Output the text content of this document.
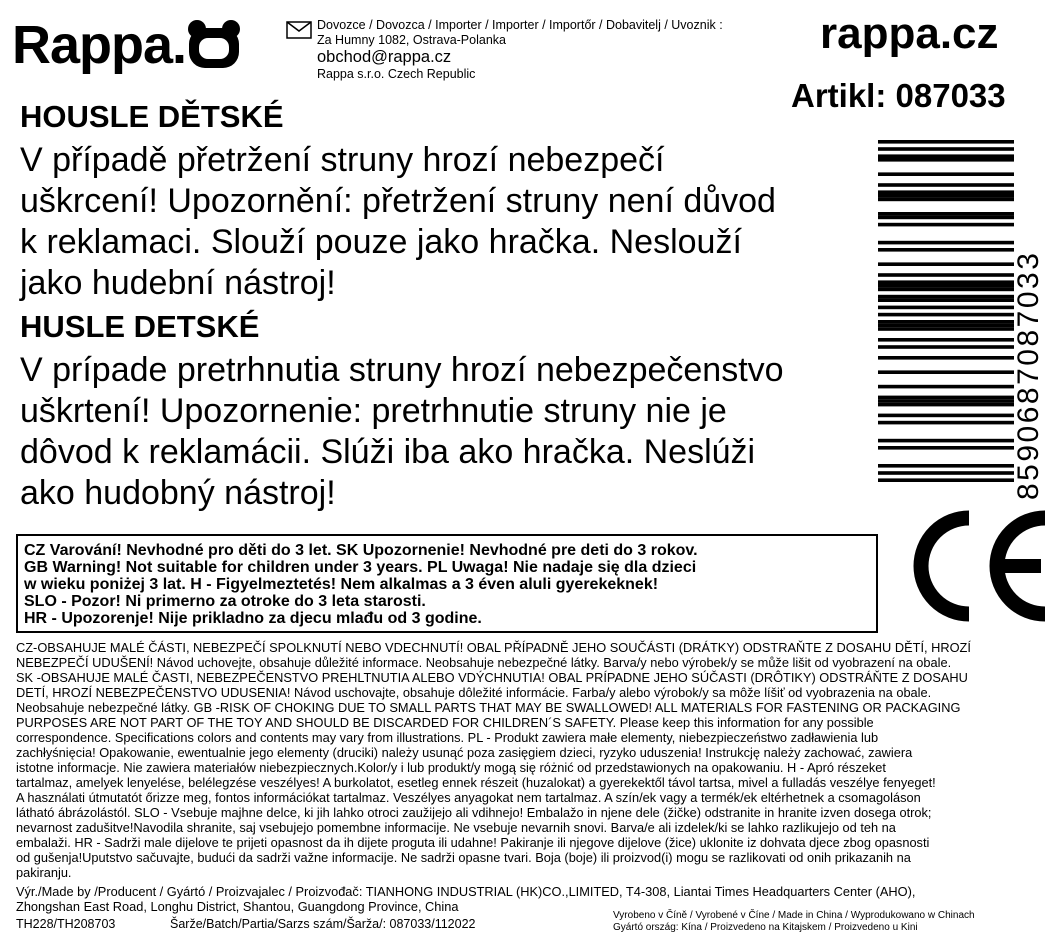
Rappa.	Dovozce / Dovozca / Importer / Importer / Importőr / Dobavitelj / Uvoznik :
Za Humny 1082, Ostrava-Polanka
obchod@rappa.cz
Rappa s.r.o. Czech Republic
rappa.cz
Artikl: 087033
HOUSLE DĚTSKÉ
V případě přetržení struny hrozí nebezpečí
uškrcení! Upozornění: přetržení struny není důvod
k reklamaci. Slouží pouze jako hračka. Neslouží
jako hudební nástroj!
HUSLE DETSKÉ
V prípade pretrhnutia struny hrozí nebezpečenstvo
uškrtení! Upozornenie: pretrhnutie struny nie je
dôvod k reklamácii. Slúži iba ako hračka. Neslúži
ako hudobný nástroj!	8590687087033
CZ Varování! Nevhodné pro děti do 3 let. SK Upozornenie! Nevhodné pre deti do 3 rokov.
GB Warning! Not suitable for children under 3 years. PL Uwaga! Nie nadaje się dla dzieci
w wieku poniżej 3 lat. H - Figyelmeztetés! Nem alkalmas a 3 éven aluli gyerekeknek!
SLO - Pozor! Ni primerno za otroke do 3 leta starosti.
HR - Upozorenje! Nije prikladno za djecu mlađu od 3 godine.
CZ-OBSAHUJE MALÉ ČÁSTI, NEBEZPEČÍ SPOLKNUTÍ NEBO VDECHNUTÍ! OBAL PŘÍPADNĚ JEHO SOUČÁSTI (DRÁTKY) ODSTRAŇTE Z DOSAHU DĚTÍ, HROZÍ
NEBEZPEČÍ UDUŠENÍ! Návod uchovejte, obsahuje důležité informace. Neobsahuje nebezpečné látky. Barva/y nebo výrobek/y se může lišit od vyobrazení na obale.
SK -OBSAHUJE MALÉ ČASTI, NEBEZPEČENSTVO PREHLTNUTIA ALEBO VDÝCHNUTIA! OBAL PRÍPADNE JEHO SÚČASTI (DRÔTIKY) ODSTRÁŇTE Z DOSAHU
DETÍ, HROZÍ NEBEZPEČENSTVO UDUSENIA! Návod uschovajte, obsahuje dôležité informácie. Farba/y alebo výrobok/y sa môže líšiť od vyobrazenia na obale.
Neobsahuje nebezpečné látky. GB -RISK OF CHOKING DUE TO SMALL PARTS THAT MAY BE SWALLOWED! ALL MATERIALS FOR FASTENING OR PACKAGING
PURPOSES ARE NOT PART OF THE TOY AND SHOULD BE DISCARDED FOR CHILDREN´S SAFETY. Please keep this information for any possible
correspondence. Specifications colors and contents may vary from illustrations. PL - Produkt zawiera małe elementy, niebezpieczeństwo zadławienia lub
zachłyśnięcia! Opakowanie, ewentualnie jego elementy (druciki) należy usunąć poza zasięgiem dzieci, ryzyko uduszenia! Instrukcję należy zachować, zawiera
istotne informacje. Nie zawiera materiałów niebezpiecznych.Kolor/y i lub produkt/y mogą się różnić od przedstawionych na opakowaniu. H - Apró részeket
tartalmaz, amelyek lenyelése, belélegzése veszélyes! A burkolatot, esetleg ennek részeit (huzalokat) a gyerekektől távol tartsa, mivel a fulladás veszélye fenyeget!
A használati útmutatót őrizze meg, fontos információkat tartalmaz. Veszélyes anyagokat nem tartalmaz. A szín/ek vagy a termék/ek eltérhetnek a csomagoláson
látható ábrázolástól. SLO - Vsebuje majhne delce, ki jih lahko otroci zaužijejo ali vdihnejo! Embalažo in njene dele (žičke) odstranite in hranite izven dosega otrok;
nevarnost zadušitve!Navodila shranite, saj vsebujejo pomembne informacije. Ne vsebuje nevarnih snovi. Barva/e ali izdelek/ki se lahko razlikujejo od teh na
embalaži. HR - Sadrži male dijelove te prijeti opasnost da ih dijete proguta ili udahne! Pakiranje ili njegove dijelove (žice) uklonite iz dohvata djece zbog opasnosti
od gušenja!Uputstvo sačuvajte, budući da sadrži važne informacije. Ne sadrži opasne tvari. Boja (boje) ili proizvod(i) mogu se razlikovati od onih prikazanih na
pakiranju.
Výr./Made by /Producent / Gyártó / Proizvajalec / Proizvođač: TIANHONG INDUSTRIAL (HK)CO.,LIMITED, T4-308, Liantai Times Headquarters Center (AHO),
Zhongshan East Road, Longhu District, Shantou, Guangdong Province, China
TH228/TH208703	Šarže/Batch/Partia/Sarzs szám/Šarža/: 087033/112022
Vyrobeno v Číně / Vyrobené v Číne / Made in China / Wyprodukowano w Chinach
Gyártó ország: Kína / Proizvedeno na Kitajskem / Proizvedeno u Kini
